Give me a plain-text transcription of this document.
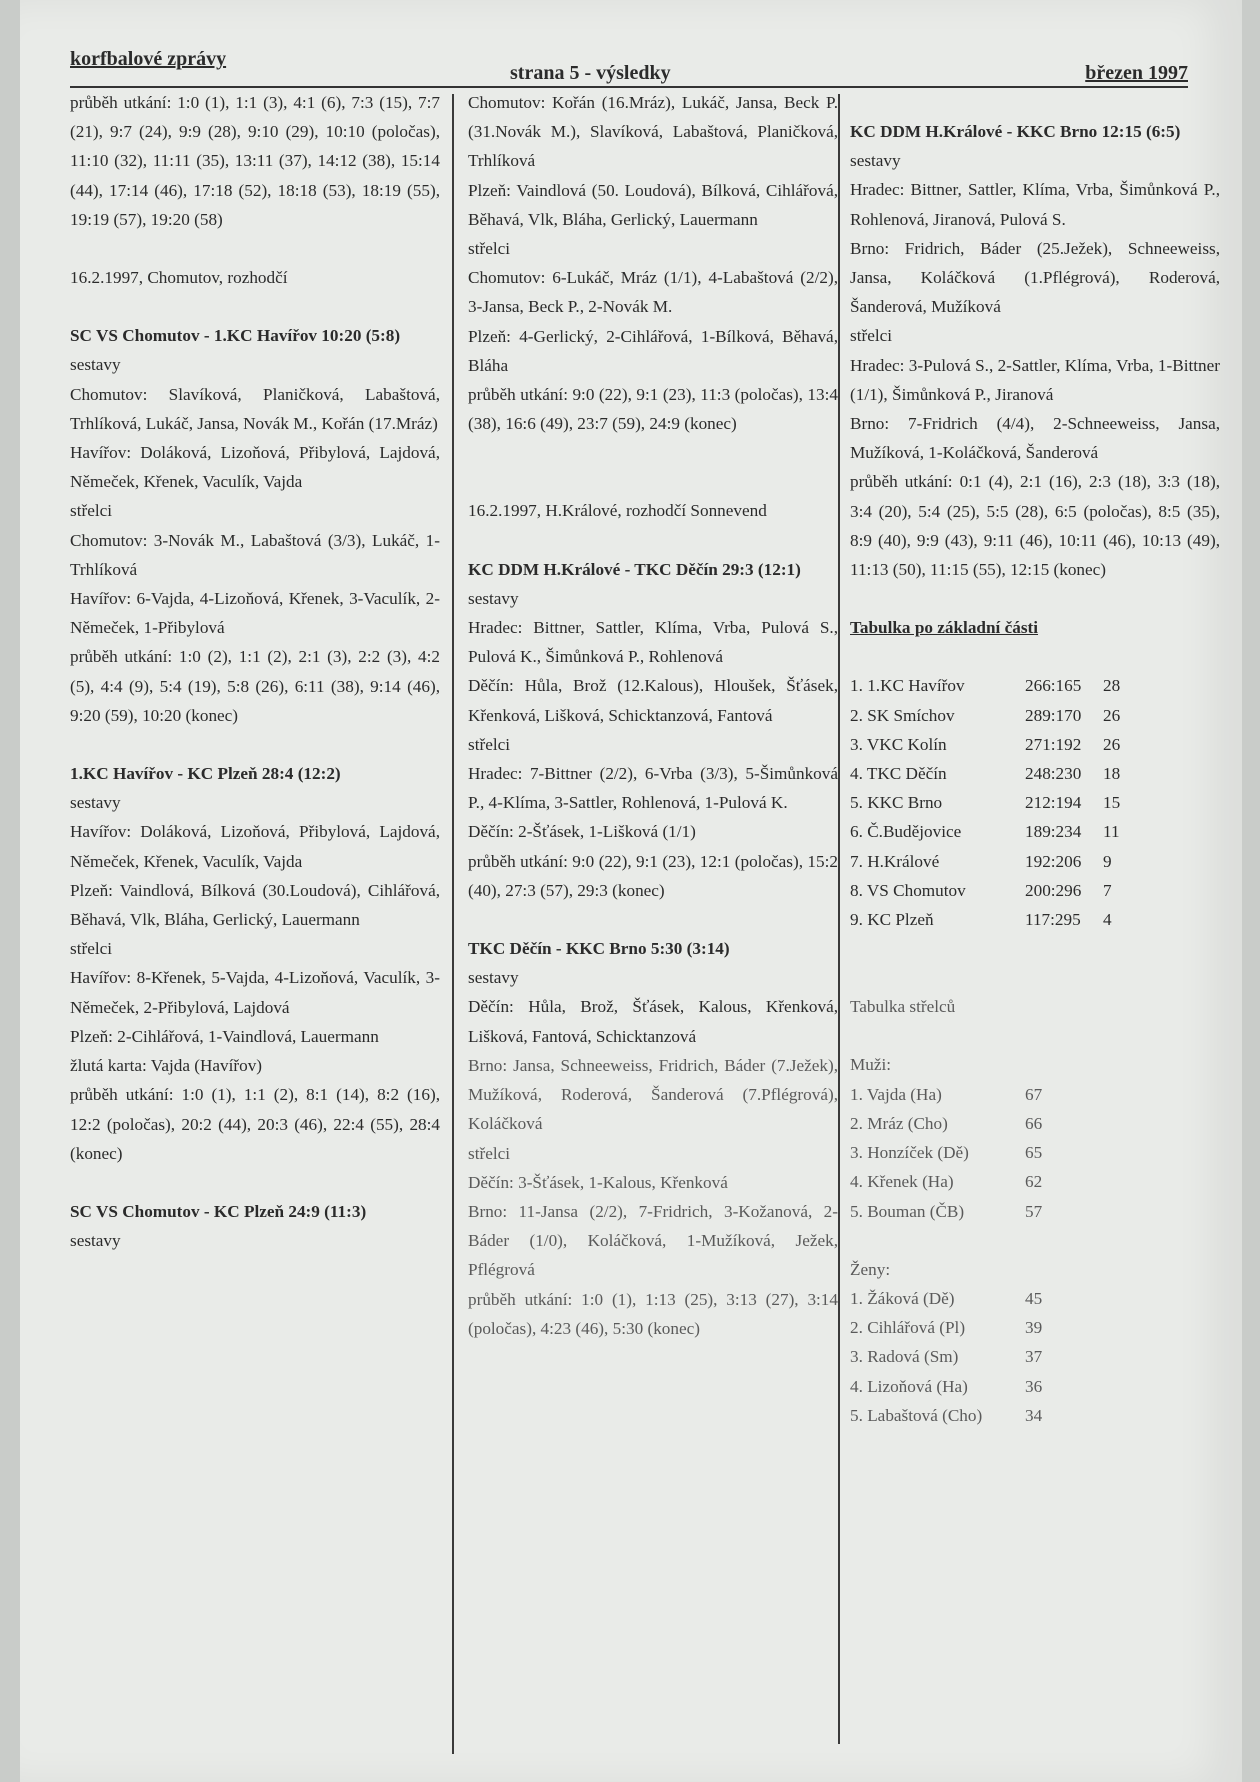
korfbalové zprávy
strana 5 - výsledky	březen 1997

průběh utkání: 1:0 (1), 1:1 (3), 4:1 (6), 7:3 (15), 7:7 (21), 9:7 (24), 9:9 (28), 9:10 (29), 10:10 (poločas), 11:10 (32), 11:11 (35), 13:11 (37), 14:12 (38), 15:14 (44), 17:14 (46), 17:18 (52), 18:18 (53), 18:19 (55), 19:19 (57), 19:20 (58)

16.2.1997, Chomutov, rozhodčí

SC VS Chomutov - 1.KC Havířov 10:20 (5:8)

sestavy

Chomutov: Slavíková, Planičková, Labaštová, Trhlíková, Lukáč, Jansa, Novák M., Kořán (17.Mráz)

Havířov: Doláková, Lizoňová, Přibylová, Lajdová, Němeček, Křenek, Vaculík, Vajda

střelci

Chomutov: 3-Novák M., Labaštová (3/3), Lukáč, 1-Trhlíková

Havířov: 6-Vajda, 4-Lizoňová, Křenek, 3-Vaculík, 2-Němeček, 1-Přibylová

průběh utkání: 1:0 (2), 1:1 (2), 2:1 (3), 2:2 (3), 4:2 (5), 4:4 (9), 5:4 (19), 5:8 (26), 6:11 (38), 9:14 (46), 9:20 (59), 10:20 (konec)

1.KC Havířov - KC Plzeň 28:4 (12:2)

sestavy

Havířov: Doláková, Lizoňová, Přibylová, Lajdová, Němeček, Křenek, Vaculík, Vajda

Plzeň: Vaindlová, Bílková (30.Loudová), Cihlářová, Běhavá, Vlk, Bláha, Gerlický, Lauermann

střelci

Havířov: 8-Křenek, 5-Vajda, 4-Lizoňová, Vaculík, 3-Němeček, 2-Přibylová, Lajdová

Plzeň: 2-Cihlářová, 1-Vaindlová, Lauermann

žlutá karta: Vajda (Havířov)

průběh utkání: 1:0 (1), 1:1 (2), 8:1 (14), 8:2 (16), 12:2 (poločas), 20:2 (44), 20:3 (46), 22:4 (55), 28:4 (konec)

SC VS Chomutov - KC Plzeň 24:9 (11:3)

sestavy

Chomutov: Kořán (16.Mráz), Lukáč, Jansa, Beck P. (31.Novák M.), Slavíková, Labaštová, Planičková, Trhlíková

Plzeň: Vaindlová (50. Loudová), Bílková, Cihlářová, Běhavá, Vlk, Bláha, Gerlický, Lauermann

střelci

Chomutov: 6-Lukáč, Mráz (1/1), 4-Labaštová (2/2), 3-Jansa, Beck P., 2-Novák M.

Plzeň: 4-Gerlický, 2-Cihlářová, 1-Bílková, Běhavá, Bláha

průběh utkání: 9:0 (22), 9:1 (23), 11:3 (poločas), 13:4 (38), 16:6 (49), 23:7 (59), 24:9 (konec)

16.2.1997, H.Králové, rozhodčí Sonnevend

KC DDM H.Králové - TKC Děčín 29:3 (12:1)

sestavy

Hradec: Bittner, Sattler, Klíma, Vrba, Pulová S., Pulová K., Šimůnková P., Rohlenová

Děčín: Hůla, Brož (12.Kalous), Hloušek, Šťásek, Křenková, Lišková, Schicktanzová, Fantová

střelci

Hradec: 7-Bittner (2/2), 6-Vrba (3/3), 5-Šimůnková P., 4-Klíma, 3-Sattler, Rohlenová, 1-Pulová K.

Děčín: 2-Šťásek, 1-Lišková (1/1)

průběh utkání: 9:0 (22), 9:1 (23), 12:1 (poločas), 15:2 (40), 27:3 (57), 29:3 (konec)

TKC Děčín - KKC Brno 5:30 (3:14)

sestavy

Děčín: Hůla, Brož, Šťásek, Kalous, Křenková, Lišková, Fantová, Schicktanzová

Brno: Jansa, Schneeweiss, Fridrich, Báder (7.Ježek), Mužíková, Roderová, Šanderová (7.Pflégrová), Koláčková

střelci

Děčín: 3-Šťásek, 1-Kalous, Křenková

Brno: 11-Jansa (2/2), 7-Fridrich, 3-Kožanová, 2-Báder (1/0), Koláčková, 1-Mužíková, Ježek, Pflégrová

průběh utkání: 1:0 (1), 1:13 (25), 3:13 (27), 3:14 (poločas), 4:23 (46), 5:30 (konec)

KC DDM H.Králové - KKC Brno 12:15 (6:5)

sestavy

Hradec: Bittner, Sattler, Klíma, Vrba, Šimůnková P., Rohlenová, Jiranová, Pulová S.

Brno: Fridrich, Báder (25.Ježek), Schneeweiss, Jansa, Koláčková (1.Pflégrová), Roderová, Šanderová, Mužíková

střelci

Hradec: 3-Pulová S., 2-Sattler, Klíma, Vrba, 1-Bittner (1/1), Šimůnková P., Jiranová

Brno: 7-Fridrich (4/4), 2-Schneeweiss, Jansa, Mužíková, 1-Koláčková, Šanderová

průběh utkání: 0:1 (4), 2:1 (16), 2:3 (18), 3:3 (18), 3:4 (20), 5:4 (25), 5:5 (28), 6:5 (poločas), 8:5 (35), 8:9 (40), 9:9 (43), 9:11 (46), 10:11 (46), 10:13 (49), 11:13 (50), 11:15 (55), 12:15 (konec)

Tabulka po základní části

1. 1.KC Havířov	266:165	28
2. SK Smíchov	289:170	26
3. VKC Kolín	271:192	26
4. TKC Děčín	248:230	18
5. KKC Brno	212:194	15
6. Č.Budějovice	189:234	11
7. H.Králové	192:206	9
8. VS Chomutov	200:296	7
9. KC Plzeň	117:295	4

Tabulka střelců

Muži:

1. Vajda (Ha)	67
2. Mráz (Cho)	66
3. Honzíček (Dě)	65
4. Křenek (Ha)	62
5. Bouman (ČB)	57

Ženy:

1. Žáková (Dě)	45
2. Cihlářová (Pl)	39
3. Radová (Sm)	37
4. Lizoňová (Ha)	36
5. Labaštová (Cho)	34
